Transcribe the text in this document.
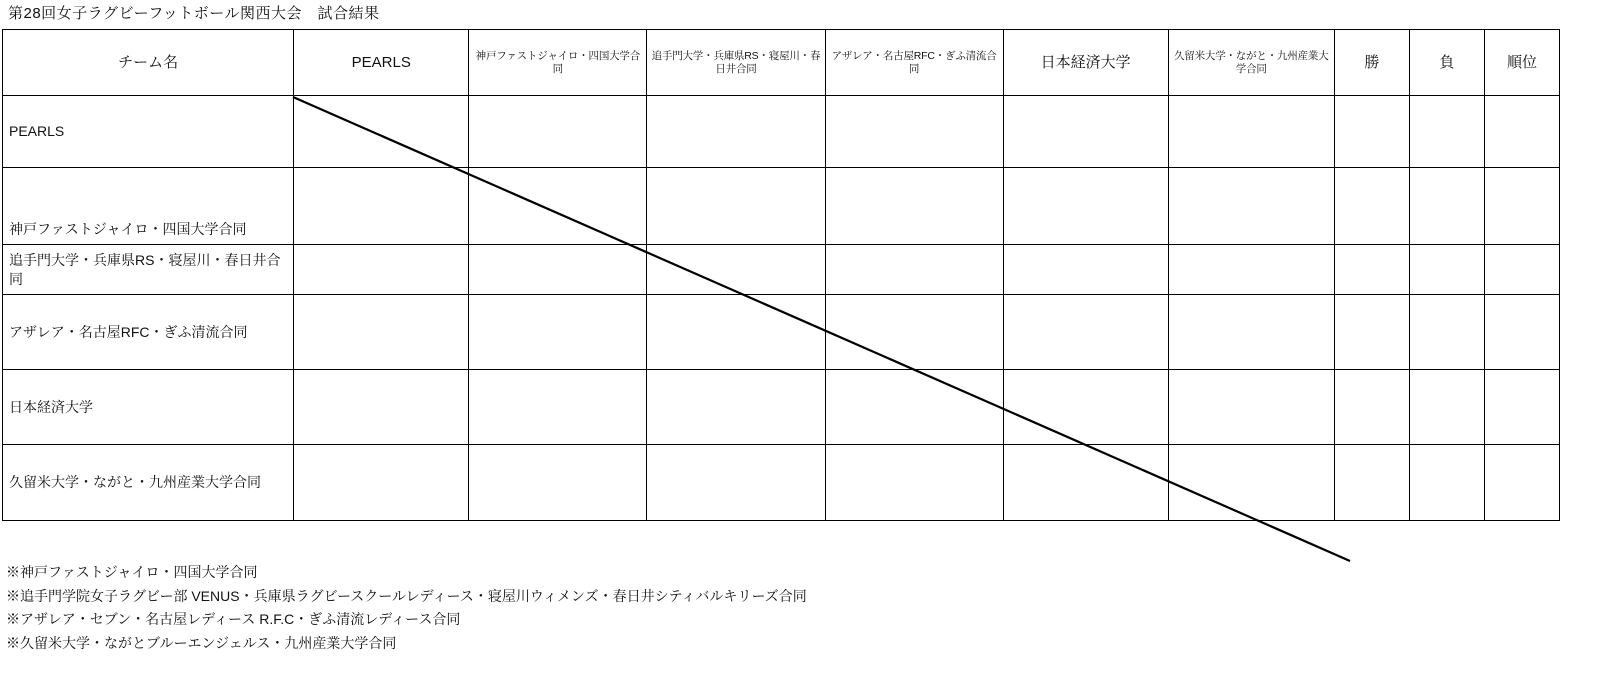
第28回女子ラグビーフットボール関西大会　試合結果
チーム名	PEARLS	神戸ファストジャイロ・四国大学合同	追手門大学・兵庫県RS・寝屋川・春日井合同	アザレア・名古屋RFC・ぎふ清流合同	日本経済大学	久留米大学・ながと・九州産業大学合同	勝	負	順位
PEARLS									
神戸ファストジャイロ・四国大学合同									
追手門大学・兵庫県RS・寝屋川・春日井合同									
アザレア・名古屋RFC・ぎふ清流合同									
日本経済大学									
久留米大学・ながと・九州産業大学合同									
※神戸ファストジャイロ・四国大学合同
※追手門学院女子ラグビー部 VENUS・兵庫県ラグビースクールレディース・寝屋川ウィメンズ・春日井シティバルキリーズ合同
※アザレア・セブン・名古屋レディース R.F.C・ぎふ清流レディース合同
※久留米大学・ながとブルーエンジェルス・九州産業大学合同
